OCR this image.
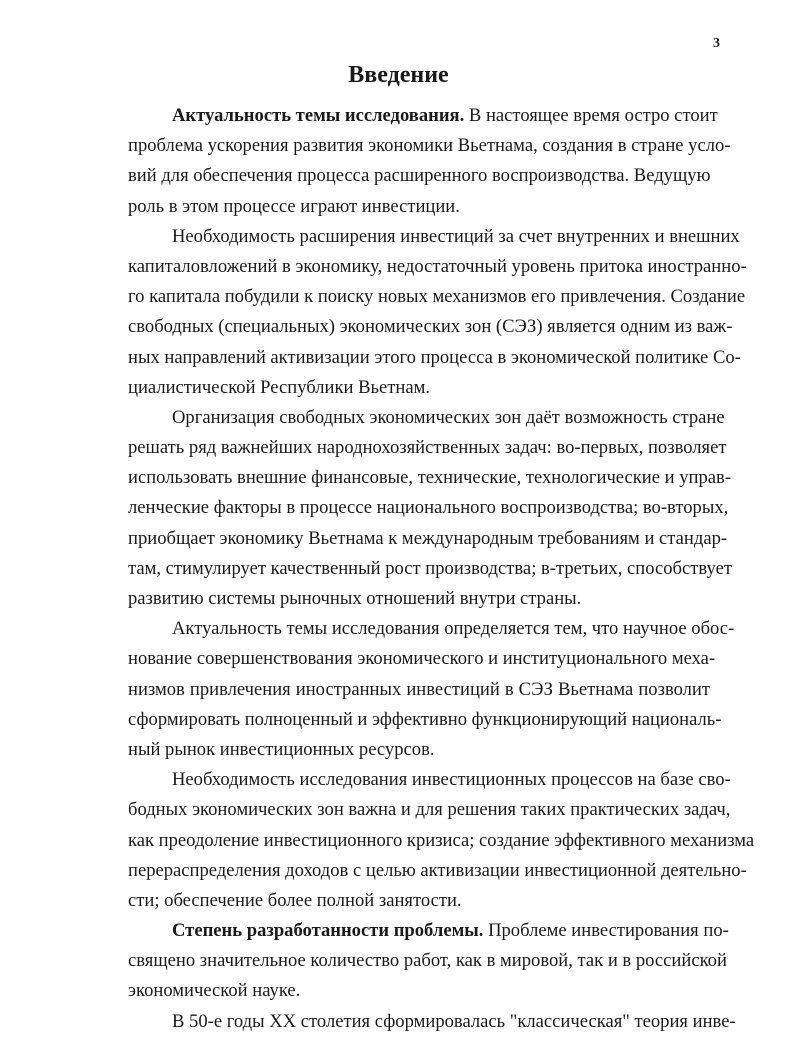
3
Введение
Актуальность темы исследования. В настоящее время остро стоит
проблема ускорения развития экономики Вьетнама, создания в стране усло-
вий для обеспечения процесса расширенного воспроизводства. Ведущую
роль в этом процессе играют инвестиции.
Необходимость расширения инвестиций за счет внутренних и внешних
капиталовложений в экономику, недостаточный уровень притока иностранно-
го капитала побудили к поиску новых механизмов его привлечения. Создание
свободных (специальных) экономических зон (СЭЗ) является одним из важ-
ных направлений активизации этого процесса в экономической политике Со-
циалистической Республики Вьетнам.
Организация свободных экономических зон даёт возможность стране
решать ряд важнейших народнохозяйственных задач: во-первых, позволяет
использовать внешние финансовые, технические, технологические и управ-
ленческие факторы в процессе национального воспроизводства; во-вторых,
приобщает экономику Вьетнама к международным требованиям и стандар-
там, стимулирует качественный рост производства; в-третьих, способствует
развитию системы рыночных отношений внутри страны.
Актуальность темы исследования определяется тем, что научное обос-
нование совершенствования экономического и институционального меха-
низмов привлечения иностранных инвестиций в СЭЗ Вьетнама позволит
сформировать полноценный и эффективно функционирующий националь-
ный рынок инвестиционных ресурсов.
Необходимость исследования инвестиционных процессов на базе сво-
бодных экономических зон важна и для решения таких практических задач,
как преодоление инвестиционного кризиса; создание эффективного механизма
перераспределения доходов с целью активизации инвестиционной деятельно-
сти; обеспечение более полной занятости.
Степень разработанности проблемы. Проблеме инвестирования по-
священо значительное количество работ, как в мировой, так и в российской
экономической науке.
В 50-е годы XX столетия сформировалась "классическая" теория инве-
